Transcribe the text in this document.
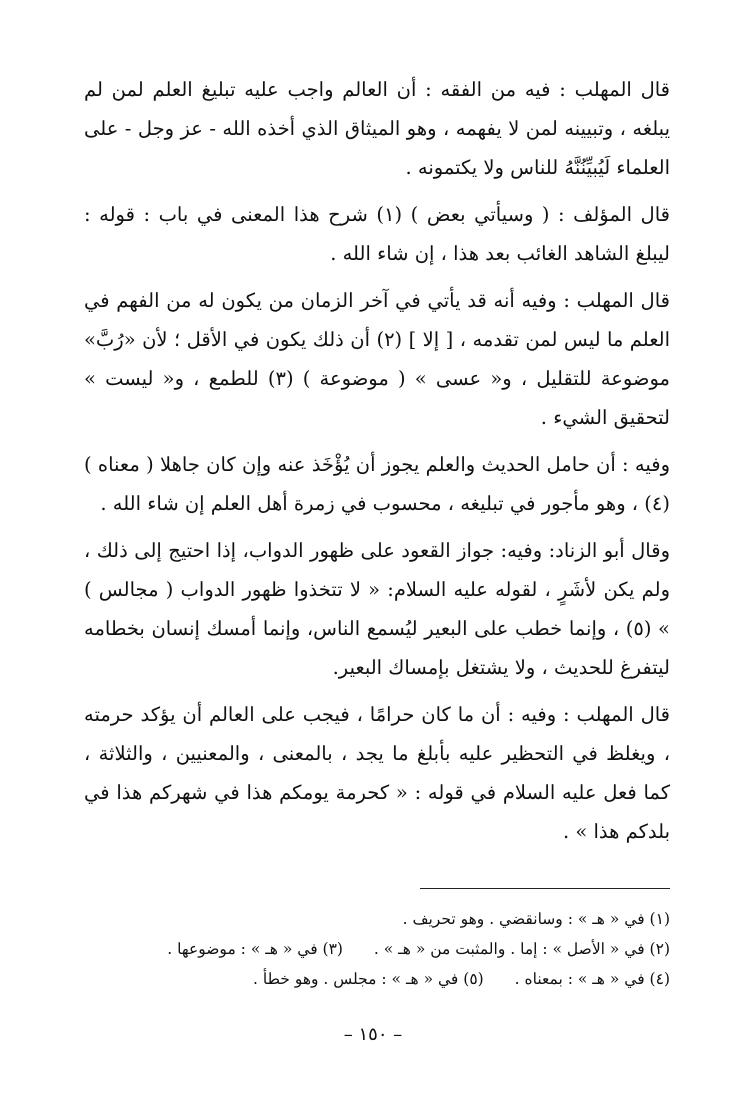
قال المهلب : فيه من الفقه : أن العالم واجب عليه تبليغ العلم لمن لم يبلغه ، وتبيينه لمن لا يفهمه ، وهو الميثاق الذي أخذه الله - عز وجل - على العلماء لَيُبيِّنُنَّهُ للناس ولا يكتمونه .

قال المؤلف : ( وسيأتي بعض ) (١) شرح هذا المعنى في باب : قوله : ليبلغ الشاهد الغائب بعد هذا ، إن شاء الله .

قال المهلب : وفيه أنه قد يأتي في آخر الزمان من يكون له من الفهم في العلم ما ليس لمن تقدمه ، [ إلا ] (٢) أن ذلك يكون في الأقل ؛ لأن «رُبَّ» موضوعة للتقليل ، و« عسى » ( موضوعة ) (٣) للطمع ، و« ليست » لتحقيق الشيء .

وفيه : أن حامل الحديث والعلم يجوز أن يُؤْخَذ عنه وإن كان جاهلا ( معناه ) (٤) ، وهو مأجور في تبليغه ، محسوب في زمرة أهل العلم إن شاء الله .

وقال أبو الزناد: وفيه: جواز القعود على ظهور الدواب، إذا احتيج إلى ذلك ، ولم يكن لأشَرٍ ، لقوله عليه السلام: « لا تتخذوا ظهور الدواب ( مجالس ) » (٥) ، وإنما خطب على البعير ليُسمع الناس، وإنما أمسك إنسان بخطامه ليتفرغ للحديث ، ولا يشتغل بإمساك البعير.

قال المهلب : وفيه : أن ما كان حرامًا ، فيجب على العالم أن يؤكد حرمته ، ويغلظ في التحظير عليه بأبلغ ما يجد ، بالمعنى ، والمعنيين ، والثلاثة ، كما فعل عليه السلام في قوله : « كحرمة يومكم هذا في شهركم هذا في بلدكم هذا » .

(١) في « هـ » : وسانقضي . وهو تحريف .
(٢) في « الأصل » : إما . والمثبت من « هـ » . (٣) في « هـ » : موضوعها .
(٤) في « هـ » : بمعناه . (٥) في « هـ » : مجلس . وهو خطأ .
– ١٥٠ –
